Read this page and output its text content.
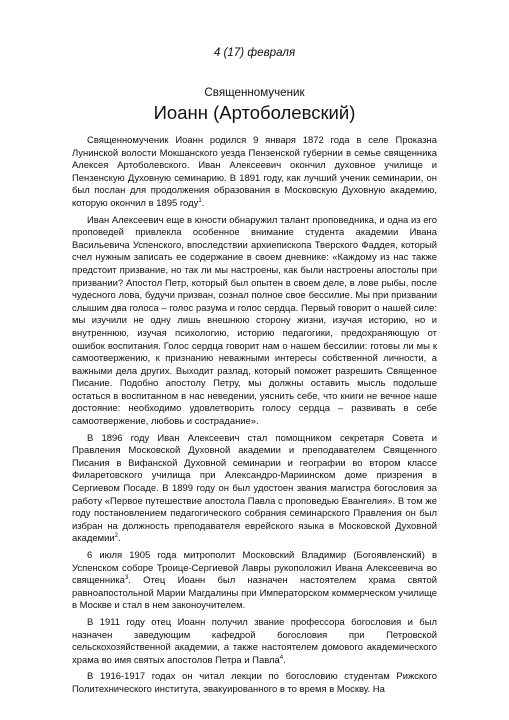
4 (17) февраля
Священномученик
Иоанн (Артоболевский)

Священномученик Иоанн родился 9 января 1872 года в селе Проказна Лунинской волости Мокшанского уезда Пензенской губернии в семье священника Алексея Артоболевского. Иван Алексеевич окончил духовное училище и Пензенскую Духовную семинарию. В 1891 году, как лучший ученик семинарии, он был послан для продолжения образования в Московскую Духовную академию, которую окончил в 1895 году$^1$.

Иван Алексеевич еще в юности обнаружил талант проповедника, и одна из его проповедей привлекла особенное внимание студента академии Ивана Васильевича Успенского, впоследствии архиепископа Тверского Фаддея, который счел нужным записать ее содержание в своем дневнике: «Каждому из нас также предстоит призвание, но так ли мы настроены, как были настроены апостолы при призвании? Апостол Петр, который был опытен в своем деле, в лове рыбы, после чудесного лова, будучи призван, сознал полное свое бессилие. Мы при призвании слышим два голоса – голос разума и голос сердца. Первый говорит о нашей силе: мы изучили не одну лишь внешнюю сторону жизни, изучая историю, но и внутреннюю, изучая психологию, историю педагогики, предохраняющую от ошибок воспитания. Голос сердца говорит нам о нашем бессилии: готовы ли мы к самоотвержению, к признанию неважными интересы собственной личности, а важными дела других. Выходит разлад, который поможет разрешить Священное Писание. Подобно апостолу Петру, мы должны оставить мысль подольше остаться в воспитанном в нас неведении, уяснить себе, что книги не вечное наше достояние: необходимо удовлетворить голосу сердца – развивать в себе самоотвержение, любовь и сострадание».

В 1896 году Иван Алексеевич стал помощником секретаря Совета и Правления Московской Духовной академии и преподавателем Священного Писания в Вифанской Духовной семинарии и географии во втором классе Филаретовского училища при Александро-Мариинском доме призрения в Сергиевом Посаде. В 1899 году он был удостоен звания магистра богословия за работу «Первое путешествие апостола Павла с проповедью Евангелия». В том же году постановлением педагогического собрания семинарского Правления он был избран на должность преподавателя еврейского языка в Московской Духовной академии$^2$.

6 июля 1905 года митрополит Московский Владимир (Богоявленский) в Успенском соборе Троице-Сергиевой Лавры рукоположил Ивана Алексеевича во священника$^3$. Отец Иоанн был назначен настоятелем храма святой равноапостольной Марии Магдалины при Императорском коммерческом училище в Москве и стал в нем законоучителем.

В 1911 году отец Иоанн получил звание профессора богословия и был назначен заведующим кафедрой богословия при Петровской сельскохозяйственной академии, а также настоятелем домового академического храма во имя святых апостолов Петра и Павла$^4$.

В 1916-1917 годах он читал лекции по богословию студентам Рижского Политехнического института, эвакуированного в то время в Москву. На
